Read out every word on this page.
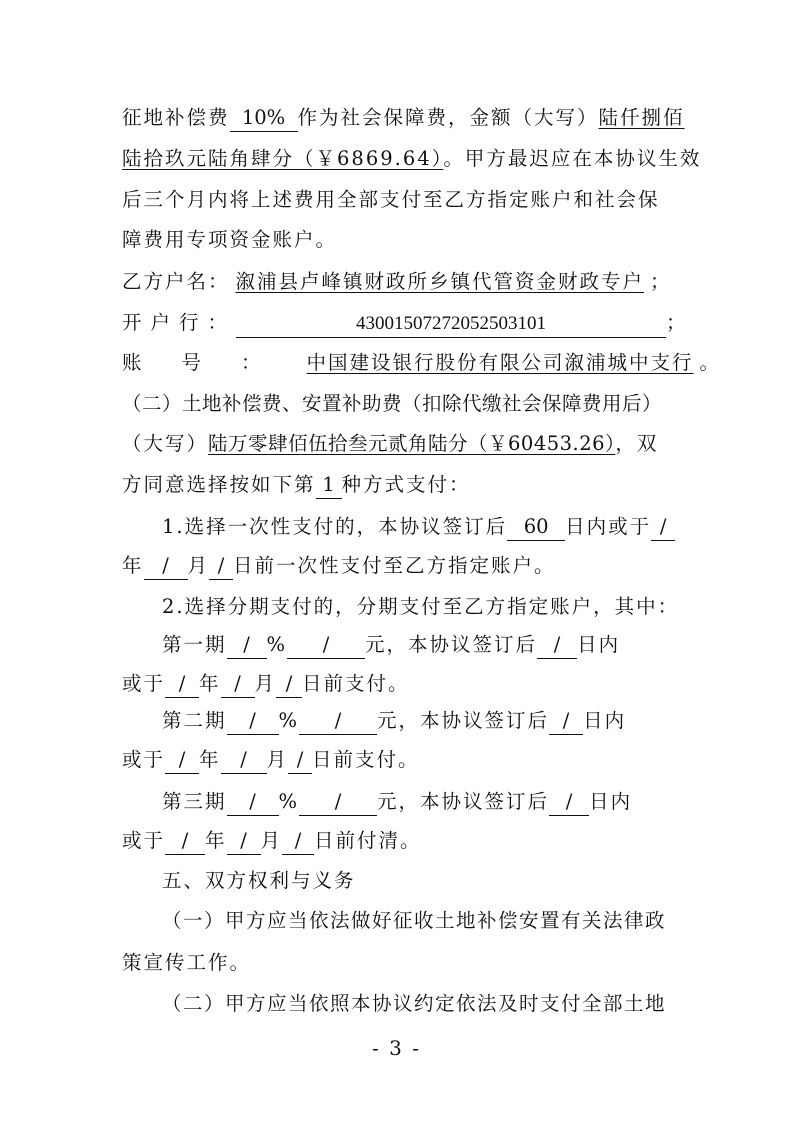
征地补偿费 10% 作为社会保障费，金额（大写）陆仟捌佰
陆拾玖元陆角肆分（￥6869.64）。甲方最迟应在本协议生效
后三个月内将上述费用全部支付至乙方指定账户和社会保
障费用专项资金账户。
乙方户名： 溆浦县卢峰镇财政所乡镇代管资金财政专户 ；
开户行：	43001507272052503101	；
账号： 中国建设银行股份有限公司溆浦城中支行 。
（二）土地补偿费、安置补助费（扣除代缴社会保障费用后）
（大写）陆万零肆佰伍拾叁元贰角陆分（￥60453.26），双
方同意选择按如下第 1 种方式支付：
1.选择一次性支付的，本协议签订后 60 日内或于 /
年 / 月 / 日前一次性支付至乙方指定账户。
2.选择分期支付的，分期支付至乙方指定账户，其中：
第一期 / % / 元，本协议签订后 / 日内
或于 / 年 / 月 / 日前支付。
第二期 / % / 元，本协议签订后 / 日内
或于 / 年 / 月 / 日前支付。
第三期 / % / 元，本协议签订后 / 日内
或于 / 年 / 月 / 日前付清。
五、双方权利与义务
（一）甲方应当依法做好征收土地补偿安置有关法律政
策宣传工作。
（二）甲方应当依照本协议约定依法及时支付全部土地
- 3 -
